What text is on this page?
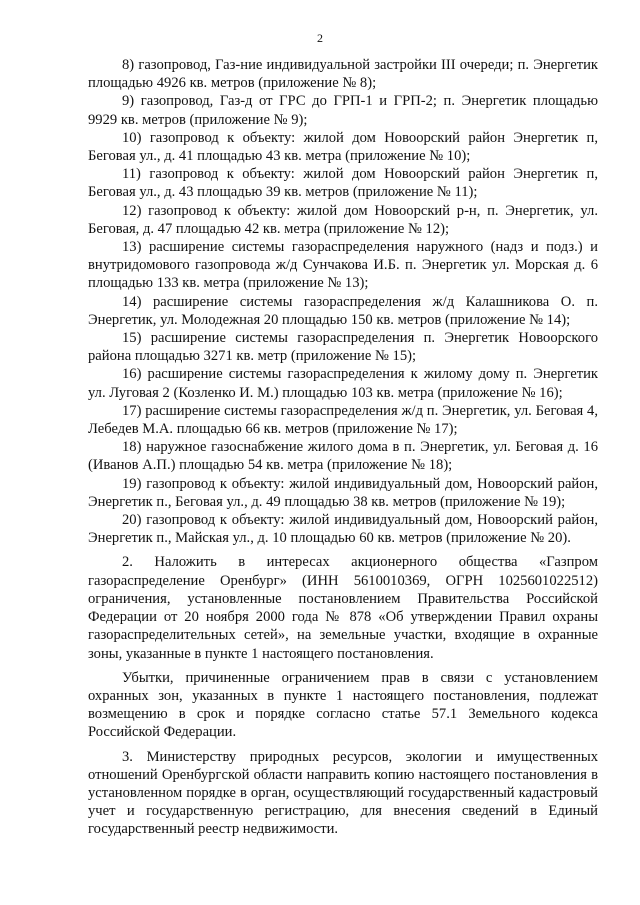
2

8) газопровод, Газ-ние индивидуальной застройки III очереди; п. Энергетик площадью 4926 кв. метров (приложение № 8);

9) газопровод, Газ-д от ГРС до ГРП-1 и ГРП-2; п. Энергетик площадью 9929 кв. метров (приложение № 9);

10) газопровод к объекту: жилой дом Новоорский район Энергетик п, Беговая ул., д. 41 площадью 43 кв. метра (приложение № 10);

11) газопровод к объекту: жилой дом Новоорский район Энергетик п, Беговая ул., д. 43 площадью 39 кв. метров (приложение № 11);

12) газопровод к объекту: жилой дом Новоорский р-н, п. Энергетик, ул. Беговая, д. 47 площадью 42 кв. метра (приложение № 12);

13) расширение системы газораспределения наружного (надз и подз.) и внутридомового газопровода ж/д Сунчакова И.Б. п. Энергетик ул. Морская д. 6 площадью 133 кв. метра (приложение № 13);

14) расширение системы газораспределения ж/д Калашникова О. п. Энергетик, ул. Молодежная 20 площадью 150 кв. метров (приложение № 14);

15) расширение системы газораспределения п. Энергетик Новоорского района площадью 3271 кв. метр (приложение № 15);

16) расширение системы газораспределения к жилому дому п. Энергетик ул. Луговая 2 (Козленко И. М.) площадью 103 кв. метра (приложение № 16);

17) расширение системы газораспределения ж/д п. Энергетик, ул. Беговая 4, Лебедев М.А. площадью 66 кв. метров (приложение № 17);

18) наружное газоснабжение жилого дома в п. Энергетик, ул. Беговая д. 16 (Иванов А.П.) площадью 54 кв. метра (приложение № 18);

19) газопровод к объекту: жилой индивидуальный дом, Новоорский район, Энергетик п., Беговая ул., д. 49 площадью 38 кв. метров (приложение № 19);

20) газопровод к объекту: жилой индивидуальный дом, Новоорский район, Энергетик п., Майская ул., д. 10 площадью 60 кв. метров (приложение № 20).

2. Наложить в интересах акционерного общества «Газпром газораспределение Оренбург» (ИНН 5610010369, ОГРН 1025601022512) ограничения, установленные постановлением Правительства Российской Федерации от 20 ноября 2000 года № 878 «Об утверждении Правил охраны газораспределительных сетей», на земельные участки, входящие в охранные зоны, указанные в пункте 1 настоящего постановления.

Убытки, причиненные ограничением прав в связи с установлением охранных зон, указанных в пункте 1 настоящего постановления, подлежат возмещению в срок и порядке согласно статье 57.1 Земельного кодекса Российской Федерации.

3. Министерству природных ресурсов, экологии и имущественных отношений Оренбургской области направить копию настоящего постановления в установленном порядке в орган, осуществляющий государственный кадастровый учет и государственную регистрацию, для внесения сведений в Единый государственный реестр недвижимости.
